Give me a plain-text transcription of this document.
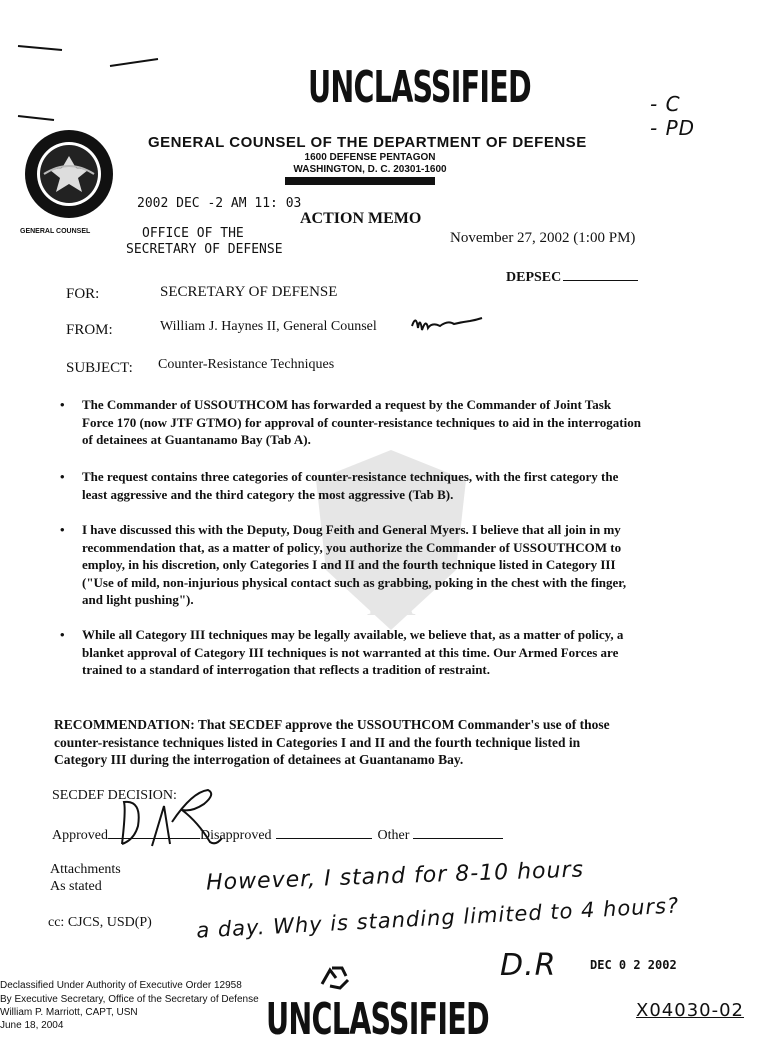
UNCLASSIFIED	- C
- PD
GENERAL COUNSEL
GENERAL COUNSEL OF THE DEPARTMENT OF DEFENSE
1600 DEFENSE PENTAGON
WASHINGTON, D. C. 20301-1600
2002 DEC -2 AM 11: 03
OFFICE OF THE
SECRETARY OF DEFENSE
ACTION MEMO
November 27, 2002 (1:00 PM)
DEPSEC
DA
FOR:	SECRETARY OF DEFENSE
FROM:	William J. Haynes II, General Counsel
SUBJECT: Counter-Resistance Techniques
• The Commander of USSOUTHCOM has forwarded a request by the Commander of Joint Task Force 170 (now JTF GTMO) for approval of counter-resistance techniques to aid in the interrogation of detainees at Guantanamo Bay (Tab A).
• The request contains three categories of counter-resistance techniques, with the first category the least aggressive and the third category the most aggressive (Tab B).
• I have discussed this with the Deputy, Doug Feith and General Myers. I believe that all join in my recommendation that, as a matter of policy, you authorize the Commander of USSOUTHCOM to employ, in his discretion, only Categories I and II and the fourth technique listed in Category III ("Use of mild, non-injurious physical contact such as grabbing, poking in the chest with the finger, and light pushing").
• While all Category III techniques may be legally available, we believe that, as a matter of policy, a blanket approval of Category III techniques is not warranted at this time. Our Armed Forces are trained to a standard of interrogation that reflects a tradition of restraint.
RECOMMENDATION: That SECDEF approve the USSOUTHCOM Commander's use of those counter-resistance techniques listed in Categories I and II and the fourth technique listed in Category III during the interrogation of detainees at Guantanamo Bay.
SECDEF DECISION:
Approved	Disapproved	Other
Attachments
As stated
cc: CJCS, USD(P)
However, I stand for 8-10 hours
a day. Why is standing limited to 4 hours?
D.R	DEC 0 2 2002
Declassified Under Authority of Executive Order 12958
By Executive Secretary, Office of the Secretary of Defense
William P. Marriott, CAPT, USN
June 18, 2004	UNCLASSIFIED	X04030-02
